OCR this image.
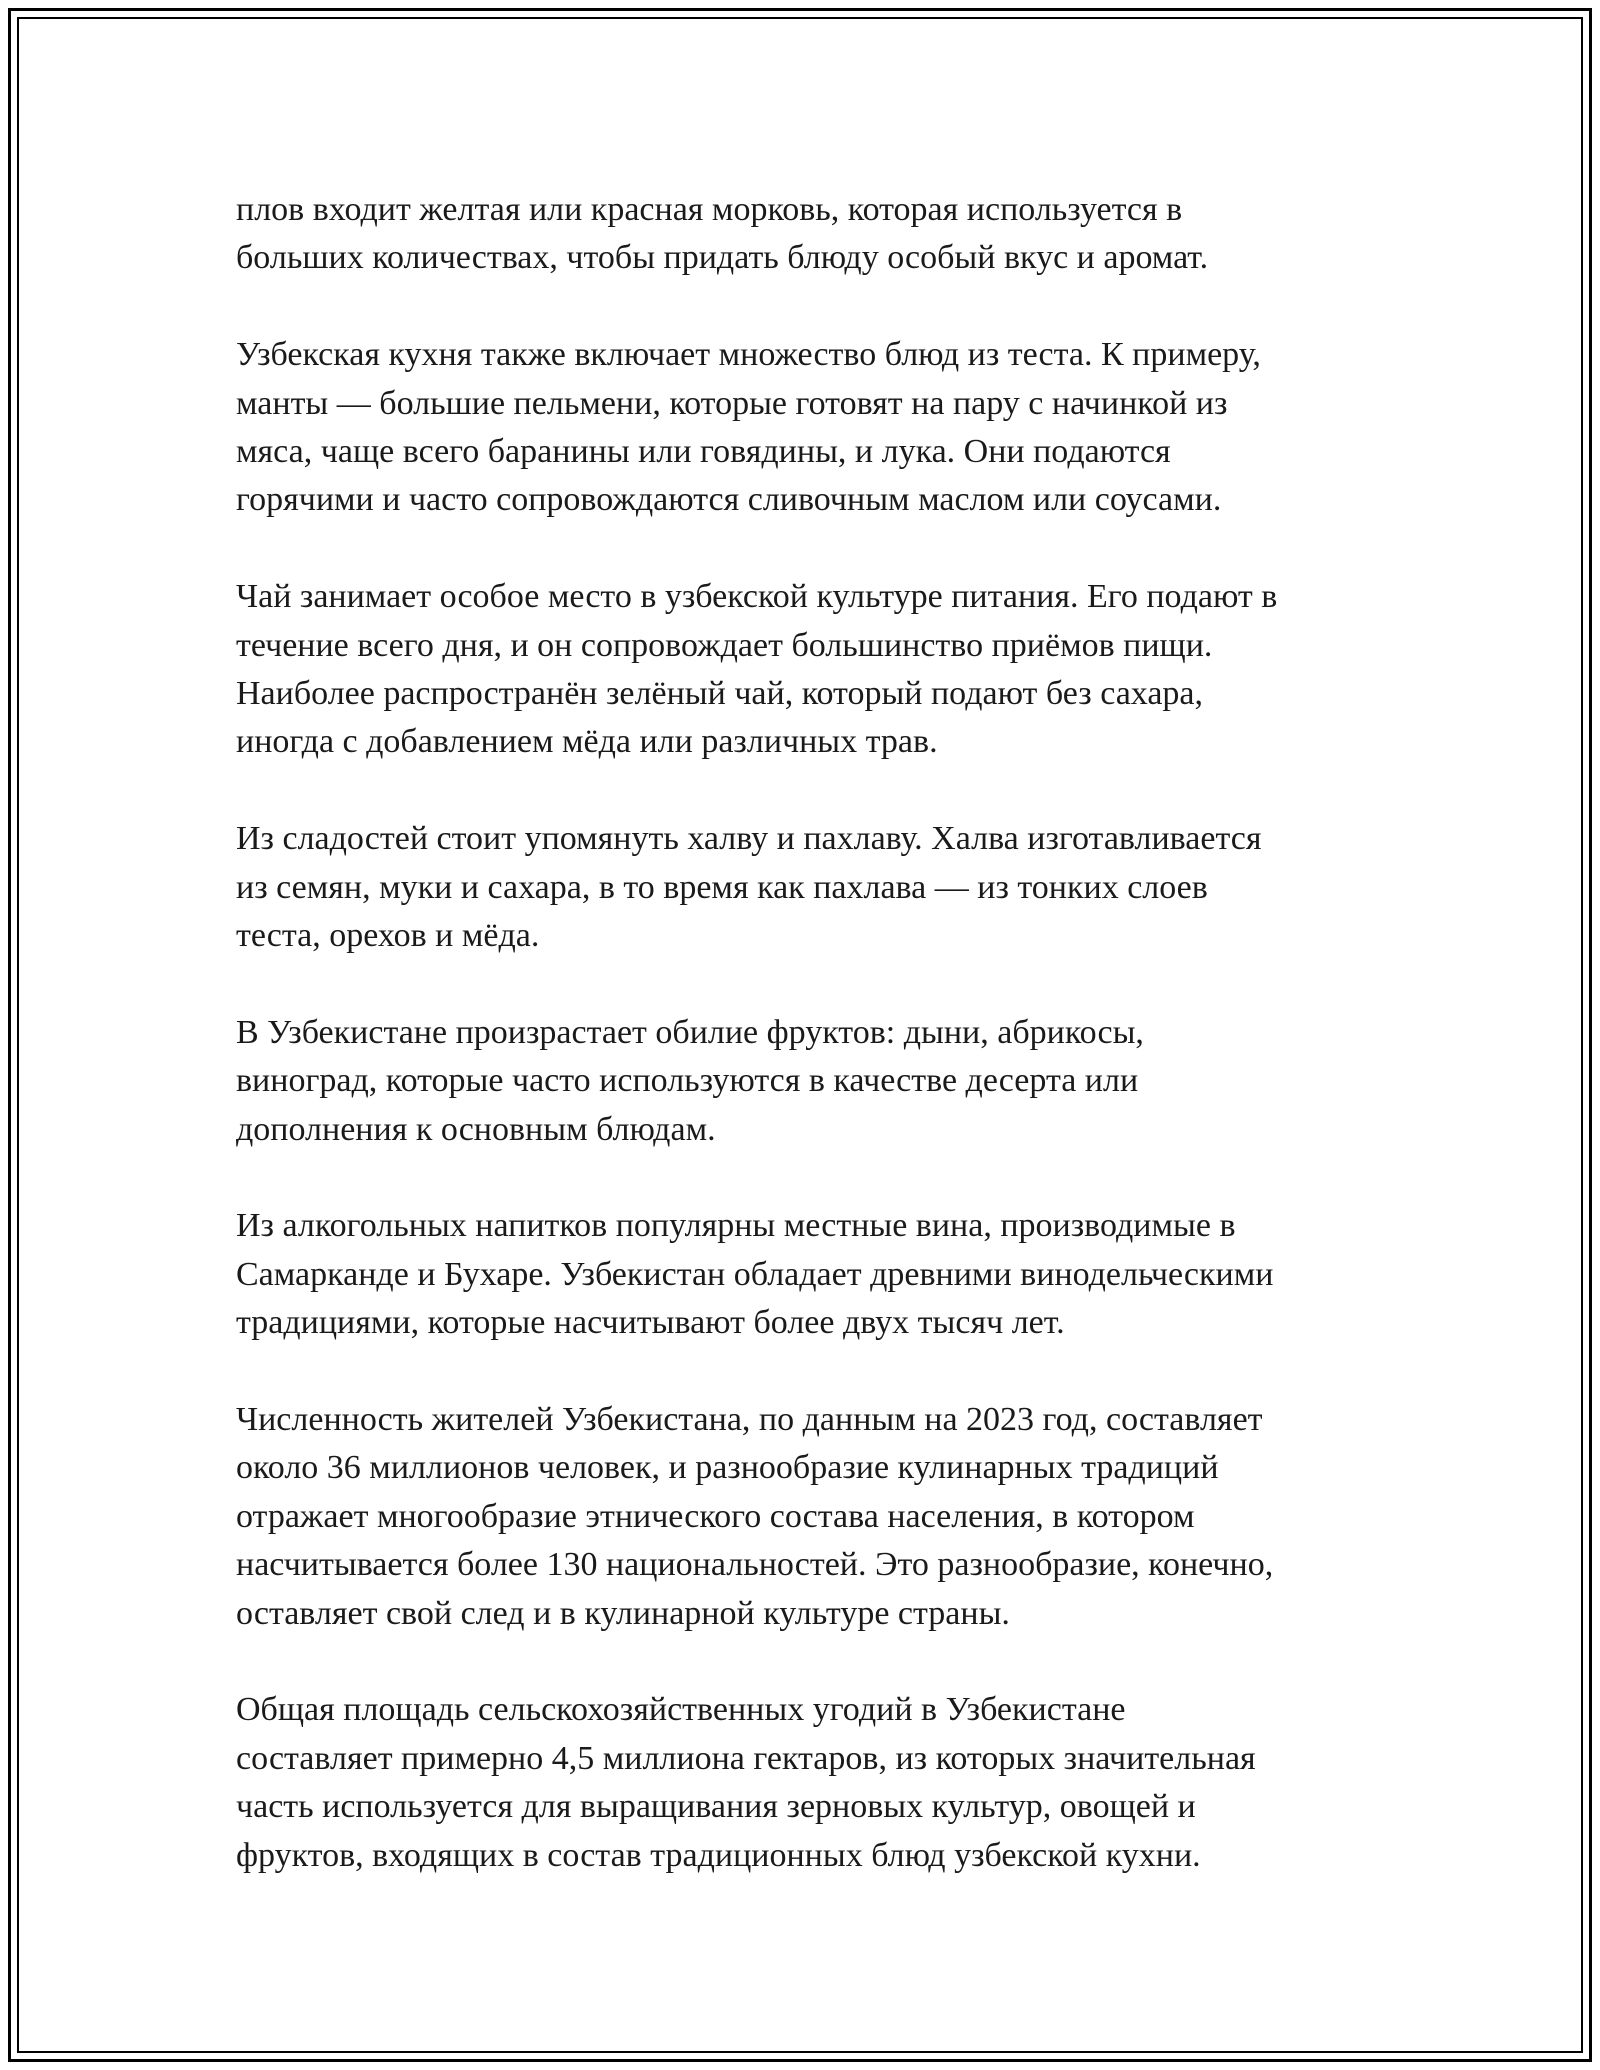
плов входит желтая или красная морковь, которая используется в
больших количествах, чтобы придать блюду особый вкус и аромат.

Узбекская кухня также включает множество блюд из теста. К примеру,
манты — большие пельмени, которые готовят на пару с начинкой из
мяса, чаще всего баранины или говядины, и лука. Они подаются
горячими и часто сопровождаются сливочным маслом или соусами.

Чай занимает особое место в узбекской культуре питания. Его подают в
течение всего дня, и он сопровождает большинство приёмов пищи.
Наиболее распространён зелёный чай, который подают без сахара,
иногда с добавлением мёда или различных трав.

Из сладостей стоит упомянуть халву и пахлаву. Халва изготавливается
из семян, муки и сахара, в то время как пахлава — из тонких слоев
теста, орехов и мёда.

В Узбекистане произрастает обилие фруктов: дыни, абрикосы,
виноград, которые часто используются в качестве десерта или
дополнения к основным блюдам.

Из алкогольных напитков популярны местные вина, производимые в
Самарканде и Бухаре. Узбекистан обладает древними винодельческими
традициями, которые насчитывают более двух тысяч лет.

Численность жителей Узбекистана, по данным на 2023 год, составляет
около 36 миллионов человек, и разнообразие кулинарных традиций
отражает многообразие этнического состава населения, в котором
насчитывается более 130 национальностей. Это разнообразие, конечно,
оставляет свой след и в кулинарной культуре страны.

Общая площадь сельскохозяйственных угодий в Узбекистане
составляет примерно 4,5 миллиона гектаров, из которых значительная
часть используется для выращивания зерновых культур, овощей и
фруктов, входящих в состав традиционных блюд узбекской кухни.
